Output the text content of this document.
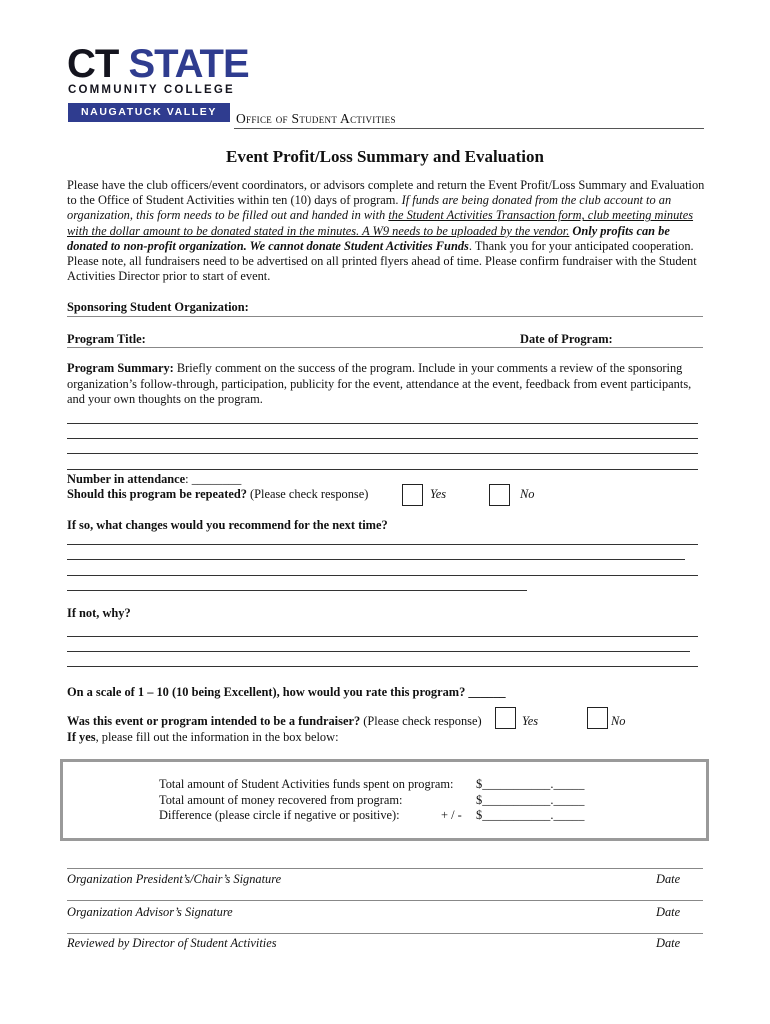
CT STATE
COMMUNITY COLLEGE
NAUGATUCK VALLEY	Office of Student Activities
Event Profit/Loss Summary and Evaluation
Please have the club officers/event coordinators, or advisors complete and return the Event Profit/Loss Summary and Evaluation to the Office of Student Activities within ten (10) days of program. If funds are being donated from the club account to an organization, this form needs to be filled out and handed in with the Student Activities Transaction form, club meeting minutes with the dollar amount to be donated stated in the minutes. A W9 needs to be uploaded by the vendor. Only profits can be donated to non-profit organization. We cannot donate Student Activities Funds. Thank you for your anticipated cooperation. Please note, all fundraisers need to be advertised on all printed flyers ahead of time. Please confirm fundraiser with the Student Activities Director prior to start of event.
Sponsoring Student Organization:
Program Title:	Date of Program:
Program Summary: Briefly comment on the success of the program. Include in your comments a review of the sponsoring organization’s follow-through, participation, publicity for the event, attendance at the event, feedback from event participants, and your own thoughts on the program.
Number in attendance: ________
Should this program be repeated? (Please check response)	Yes	No
If so, what changes would you recommend for the next time?
If not, why?
On a scale of 1 – 10 (10 being Excellent), how would you rate this program? ______
Was this event or program intended to be a fundraiser? (Please check response)	Yes	No
If yes, please fill out the information in the box below:
Total amount of Student Activities funds spent on program: $___________._____
Total amount of money recovered from program:	$___________._____
Difference (please circle if negative or positive):	+ / - $___________._____
Organization President’s/Chair’s Signature	Date
Organization Advisor’s Signature	Date
Reviewed by Director of Student Activities	Date
